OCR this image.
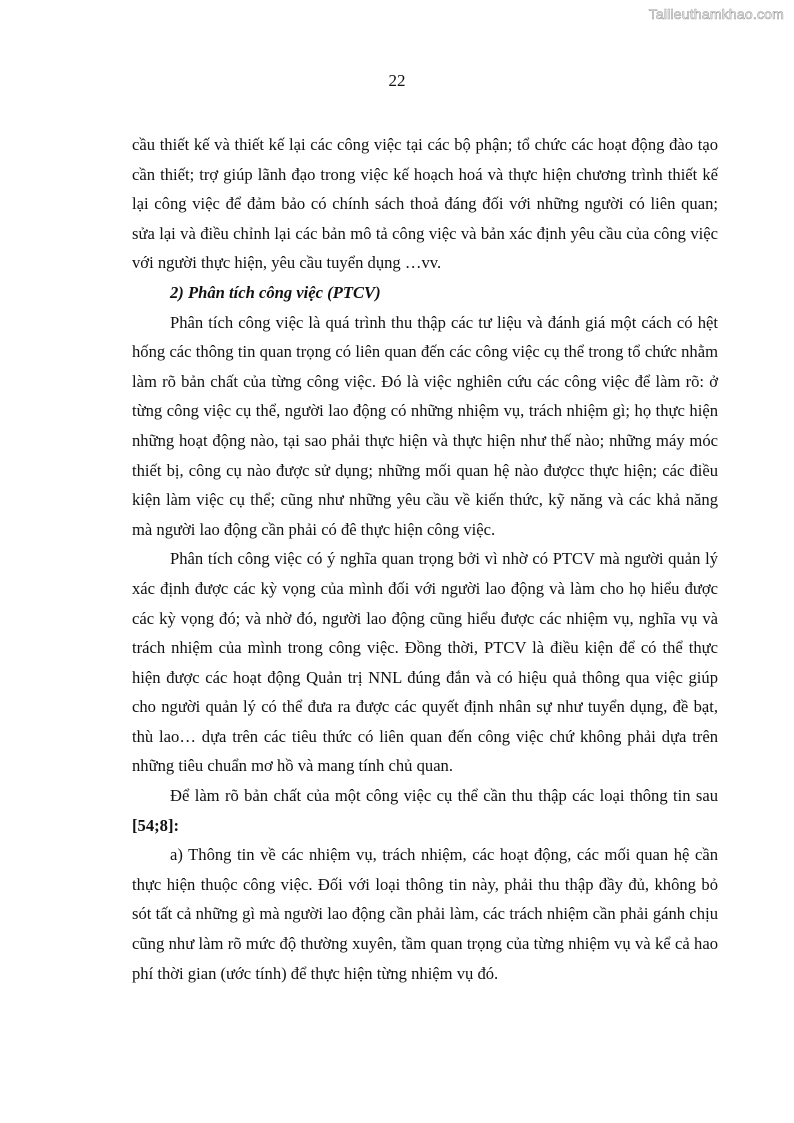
Tailieuthamkhao.com
22

cầu thiết kế và thiết kế lại các công việc tại các bộ phận; tổ chức các hoạt động đào tạo cần thiết; trợ giúp lãnh đạo trong việc kế hoạch hoá và thực hiện chương trình thiết kế lại công việc để đảm bảo có chính sách thoả đáng đối với những người có liên quan; sửa lại và điều chỉnh lại các bản mô tả công việc và bản xác định yêu cầu của công việc với người thực hiện, yêu cầu tuyển dụng …vv.

2) Phân tích công việc (PTCV)

Phân tích công việc là quá trình thu thập các tư liệu và đánh giá một cách có hệt hống các thông tin quan trọng có liên quan đến các công việc cụ thể trong tổ chức nhằm làm rõ bản chất của từng công việc. Đó là việc nghiên cứu các công việc để làm rõ: ở từng công việc cụ thể, người lao động có những nhiệm vụ, trách nhiệm gì; họ thực hiện những hoạt động nào, tại sao phải thực hiện và thực hiện như thế nào; những máy móc thiết bị, công cụ nào được sử dụng; những mối quan hệ nào đượcc thực hiện; các điều kiện làm việc cụ thể; cũng như những yêu cầu về kiến thức, kỹ năng và các khả năng mà người lao động cần phải có đê thực hiện công việc.

Phân tích công việc có ý nghĩa quan trọng bởi vì nhờ có PTCV mà người quản lý xác định được các kỳ vọng của mình đối với người lao động và làm cho họ hiểu được các kỳ vọng đó; và nhờ đó, người lao động cũng hiểu được các nhiệm vụ, nghĩa vụ và trách nhiệm của mình trong công việc. Đồng thời, PTCV là điều kiện để có thể thực hiện được các hoạt động Quản trị NNL đúng đắn và có hiệu quả thông qua việc giúp cho người quản lý có thể đưa ra được các quyết định nhân sự như tuyển dụng, đề bạt, thù lao… dựa trên các tiêu thức có liên quan đến công việc chứ không phải dựa trên những tiêu chuẩn mơ hồ và mang tính chủ quan.

Để làm rõ bản chất của một công việc cụ thể cần thu thập các loại thông tin sau [54;8]:

a) Thông tin về các nhiệm vụ, trách nhiệm, các hoạt động, các mối quan hệ cần thực hiện thuộc công việc. Đối với loại thông tin này, phải thu thập đầy đủ, không bỏ sót tất cả những gì mà người lao động cần phải làm, các trách nhiệm cần phải gánh chịu cũng như làm rõ mức độ thường xuyên, tầm quan trọng của từng nhiệm vụ và kể cả hao phí thời gian (ước tính) để thực hiện từng nhiệm vụ đó.
